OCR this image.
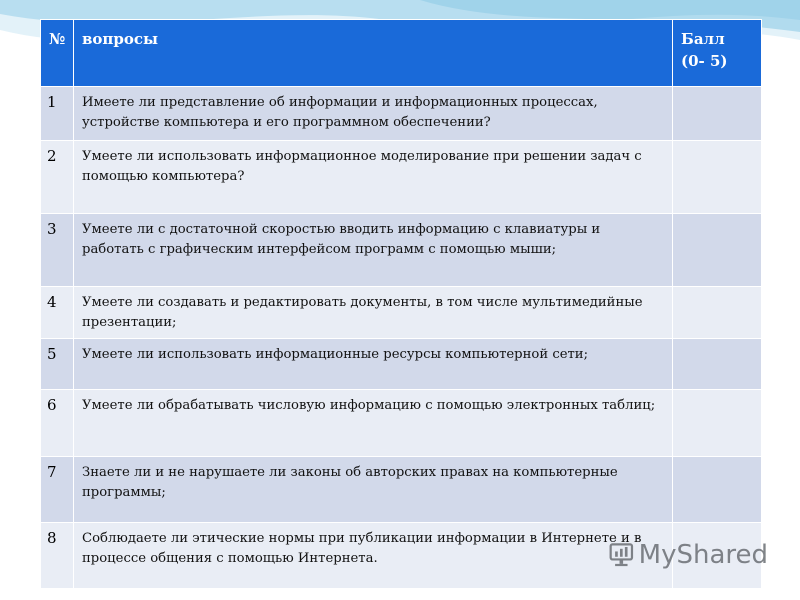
№	вопросы	Балл (0- 5)

1	Имеете ли представление об информации и информационных процессах, устройстве компьютера и его программном обеспечении?	

2	Умеете ли использовать информационное моделирование при решении задач с помощью компьютера?	

3	Умеете ли с достаточной скоростью вводить информацию с клавиатуры и работать с графическим интерфейсом программ с помощью мыши;	

4	Умеете ли создавать и редактировать документы, в том числе мультимедийные презентации;	

5	Умеете ли использовать информационные ресурсы компьютерной сети;	

6	Умеете ли обрабатывать числовую информацию с помощью электронных таблиц;	

7	Знаете ли и не нарушаете ли законы об авторских правах на компьютерные программы;	

8	Соблюдаете ли этические нормы при публикации информации в Интернете и в процессе общения с помощью Интернета.	
		MyShared
